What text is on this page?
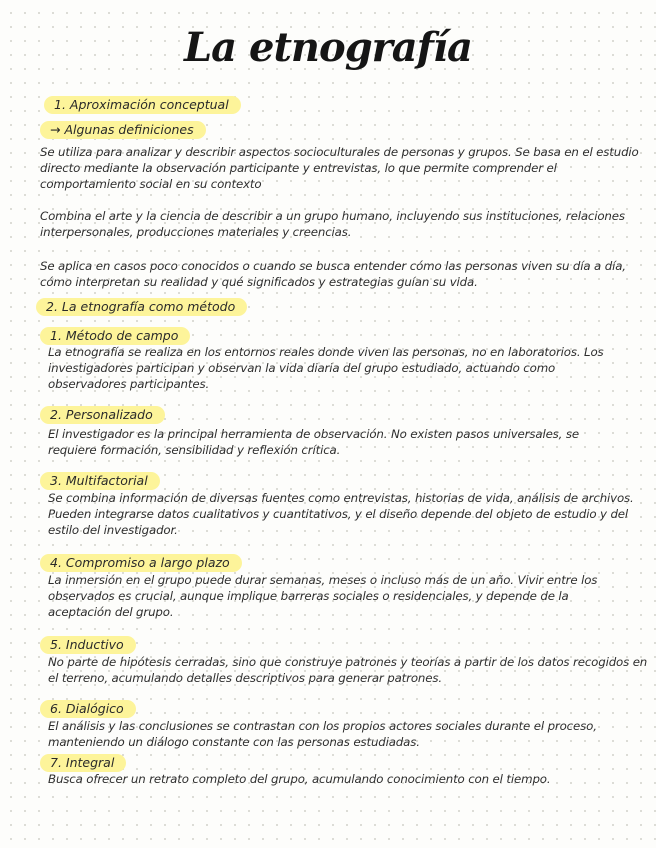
La etnografía
1. Aproximación conceptual
→ Algunas definiciones

Se utiliza para analizar y describir aspectos socioculturales de personas y grupos. Se basa en el estudio directo mediante la observación participante y entrevistas, lo que permite comprender el comportamiento social en su contexto

Combina el arte y la ciencia de describir a un grupo humano, incluyendo sus instituciones, relaciones interpersonales, producciones materiales y creencias.

Se aplica en casos poco conocidos o cuando se busca entender cómo las personas viven su día a día, cómo interpretan su realidad y qué significados y estrategias guían su vida.

2. La etnografía como método
1. Método de campo

La etnografía se realiza en los entornos reales donde viven las personas, no en laboratorios. Los investigadores participan y observan la vida diaria del grupo estudiado, actuando como observadores participantes.

2. Personalizado

El investigador es la principal herramienta de observación. No existen pasos universales, se requiere formación, sensibilidad y reflexión crítica.

3. Multifactorial

Se combina información de diversas fuentes como entrevistas, historias de vida, análisis de archivos. Pueden integrarse datos cualitativos y cuantitativos, y el diseño depende del objeto de estudio y del estilo del investigador.

4. Compromiso a largo plazo

La inmersión en el grupo puede durar semanas, meses o incluso más de un año. Vivir entre los observados es crucial, aunque implique barreras sociales o residenciales, y depende de la aceptación del grupo.

5. Inductivo

No parte de hipótesis cerradas, sino que construye patrones y teorías a partir de los datos recogidos en el terreno, acumulando detalles descriptivos para generar patrones.

6. Dialógico

El análisis y las conclusiones se contrastan con los propios actores sociales durante el proceso, manteniendo un diálogo constante con las personas estudiadas.

7. Integral

Busca ofrecer un retrato completo del grupo, acumulando conocimiento con el tiempo.
